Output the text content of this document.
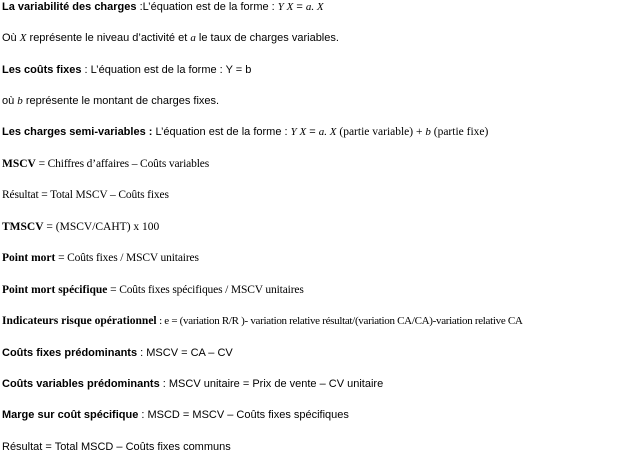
La variabilité des charges :L’équation est de la forme : Y X = a. X
Où X représente le niveau d’activité et a le taux de charges variables.
Les coûts fixes : L’équation est de la forme : Y = b
où b représente le montant de charges fixes.
Les charges semi-variables : L’équation est de la forme : Y X = a. X (partie variable) + b (partie fixe)
MSCV = Chiffres d’affaires – Coûts variables
Résultat = Total MSCV – Coûts fixes
TMSCV = (MSCV/CAHT) x 100
Point mort = Coûts fixes / MSCV unitaires
Point mort spécifique = Coûts fixes spécifiques / MSCV unitaires
Indicateurs risque opérationnel : e = (variation R/R )- variation relative résultat/(variation CA/CA)-variation relative CA
Coûts fixes prédominants : MSCV = CA – CV
Coûts variables prédominants : MSCV unitaire = Prix de vente – CV unitaire
Marge sur coût spécifique : MSCD = MSCV – Coûts fixes spécifiques
Résultat = Total MSCD – Coûts fixes communs
